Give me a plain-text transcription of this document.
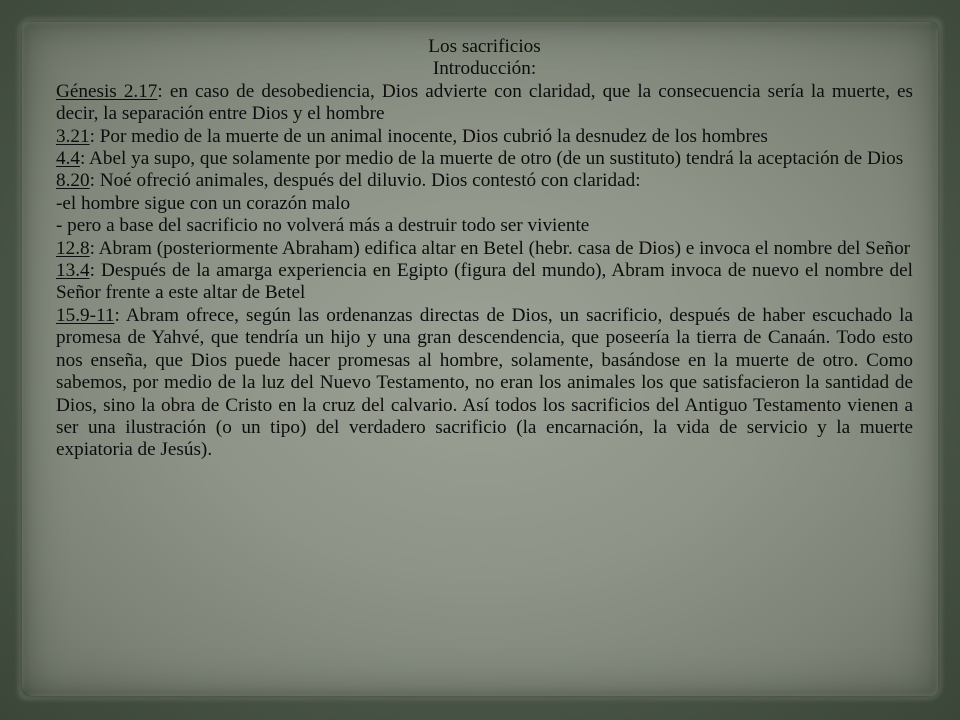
Los sacrificios

Introducción:

Génesis 2.17: en caso de desobediencia, Dios advierte con claridad, que la consecuencia sería la muerte, es decir, la separación entre Dios y el hombre

3.21: Por medio de la muerte de un animal inocente, Dios cubrió la desnudez de los hombres

4.4: Abel ya supo, que solamente por medio de la muerte de otro (de un sustituto) tendrá la aceptación de Dios

8.20: Noé ofreció animales, después del diluvio. Dios contestó con claridad:

-el hombre sigue con un corazón malo

- pero a base del sacrificio no volverá más a destruir todo ser viviente

12.8: Abram (posteriormente Abraham) edifica altar en Betel (hebr. casa de Dios) e invoca el nombre del Señor

13.4: Después de la amarga experiencia en Egipto (figura del mundo), Abram invoca de nuevo el nombre del Señor frente a este altar de Betel

15.9-11: Abram ofrece, según las ordenanzas directas de Dios, un sacrificio, después de haber escuchado la promesa de Yahvé, que tendría un hijo y una gran descendencia, que poseería la tierra de Canaán. Todo esto nos enseña, que Dios puede hacer promesas al hombre, solamente, basándose en la muerte de otro. Como sabemos, por medio de la luz del Nuevo Testamento, no eran los animales los que satisfacieron la santidad de Dios, sino la obra de Cristo en la cruz del calvario. Así todos los sacrificios del Antiguo Testamento vienen a ser una ilustración (o un tipo) del verdadero sacrificio (la encarnación, la vida de servicio y la muerte expiatoria de Jesús).
